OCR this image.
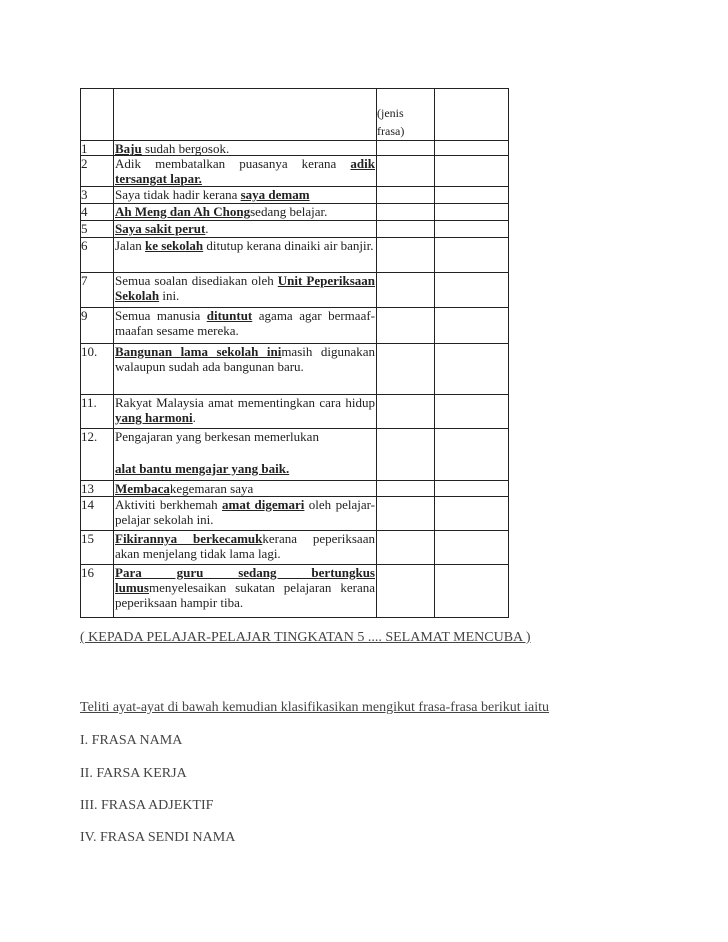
(jenis
frasa)
1 Baju sudah bergosok.
2 Adik membatalkan puasanya kerana adik tersangat lapar.
3 Saya tidak hadir kerana saya demam
4 Ah Meng dan Ah Chongsedang belajar.
5 Saya sakit perut.
6 Jalan ke sekolah ditutup kerana dinaiki air banjir.
7 Semua soalan disediakan oleh Unit Peperiksaan Sekolah ini.
9 Semua manusia dituntut agama agar bermaaf-maafan sesame mereka.
10. Bangunan lama sekolah inimasih digunakan walaupun sudah ada bangunan baru.
11. Rakyat Malaysia amat mementingkan cara hidup yang harmoni.
12. Pengajaran yang berkesan memerlukan
alat bantu mengajar yang baik.
13 Membacakegemaran saya
14 Aktiviti berkhemah amat digemari oleh pelajar-pelajar sekolah ini.
15 Fikirannya berkecamukkerana peperiksaan akan menjelang tidak lama lagi.
16 Para guru sedang bertungkus lumusmenyelesaikan sukatan pelajaran kerana peperiksaan hampir tiba.
( KEPADA PELAJAR-PELAJAR TINGKATAN 5 .... SELAMAT MENCUBA )
Teliti ayat-ayat di bawah kemudian klasifikasikan mengikut frasa-frasa berikut iaitu
I. FRASA NAMA
II. FARSA KERJA
III. FRASA ADJEKTIF
IV. FRASA SENDI NAMA
